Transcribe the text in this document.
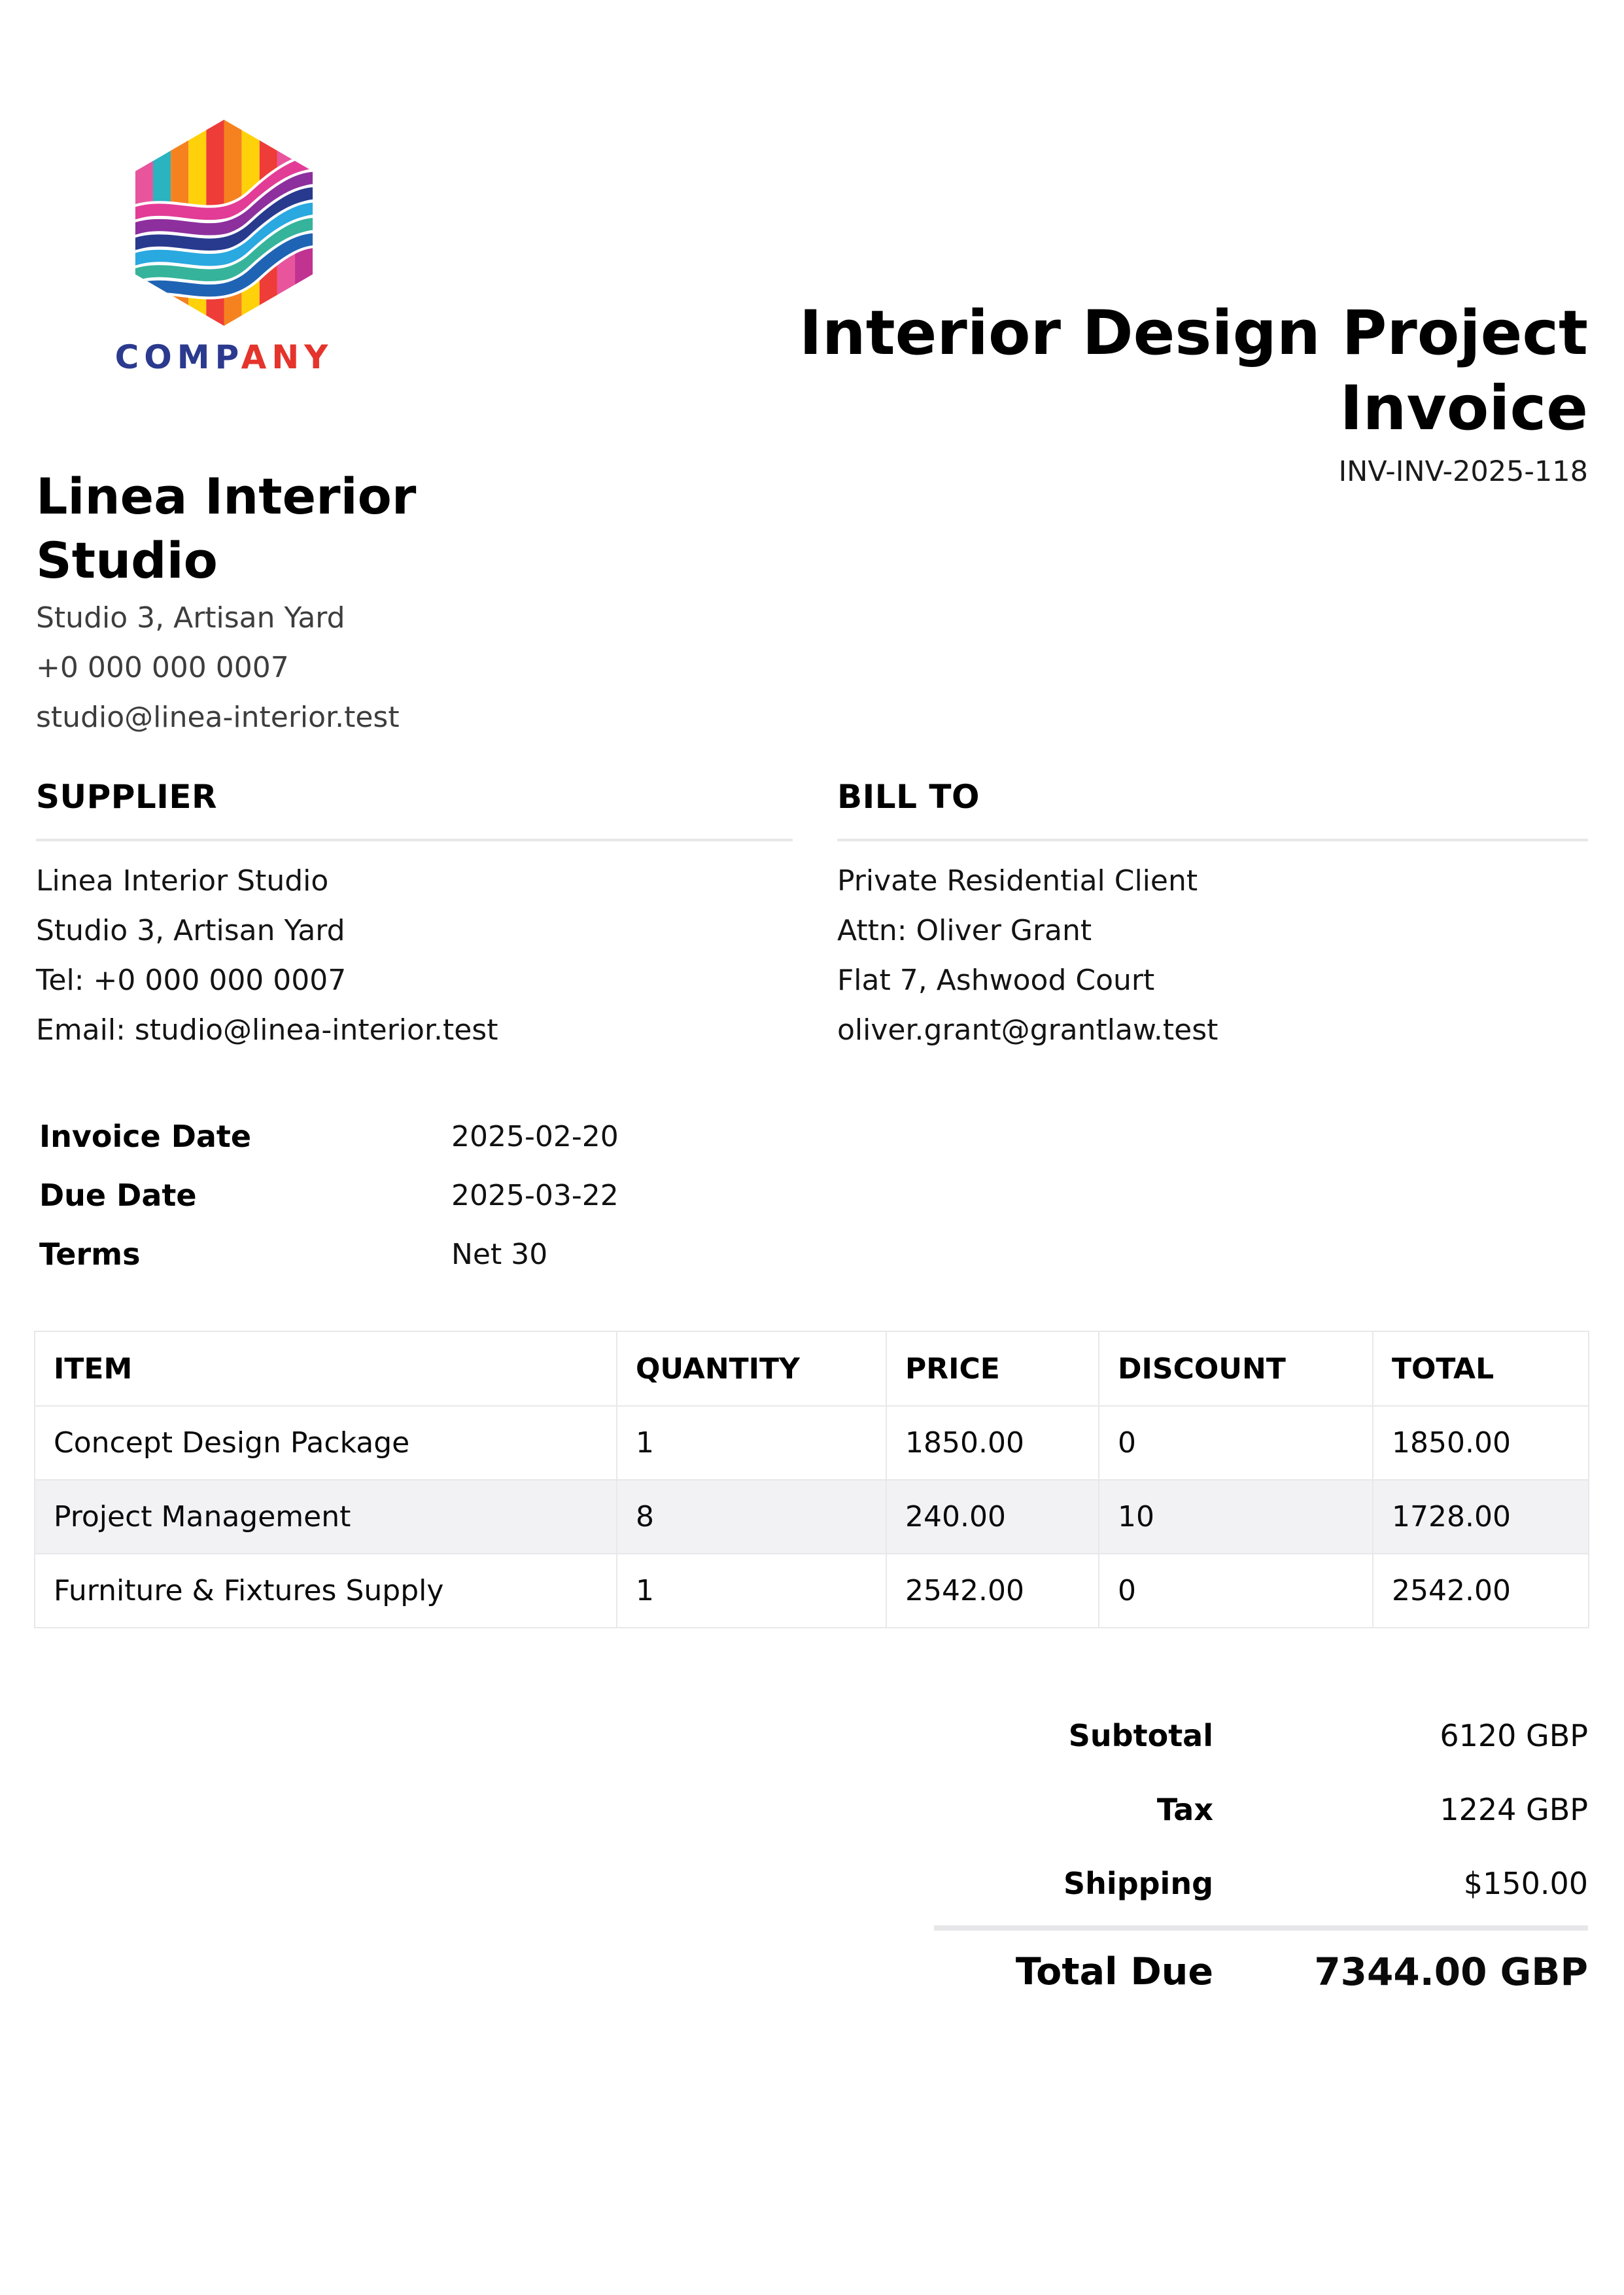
COMPANY	Interior Design Project
Invoice
INV-INV-2025-118
Linea Interior
Studio

Studio 3, Artisan Yard

+0 000 000 0007

studio@linea-interior.test

SUPPLIER

Linea Interior Studio

Studio 3, Artisan Yard

Tel: +0 000 000 0007

Email: studio@linea-interior.test

BILL TO

Private Residential Client

Attn: Oliver Grant

Flat 7, Ashwood Court

oliver.grant@grantlaw.test

Invoice Date	2025-02-20
Due Date	2025-03-22
Terms	Net 30
ITEM	QUANTITY	PRICE	DISCOUNT	TOTAL
Concept Design Package	1	1850.00	0	1850.00
Project Management	8	240.00	10	1728.00
Furniture & Fixtures Supply	1	2542.00	0	2542.00
Subtotal	6120 GBP
Tax	1224 GBP
Shipping	$150.00
Total Due	7344.00 GBP
